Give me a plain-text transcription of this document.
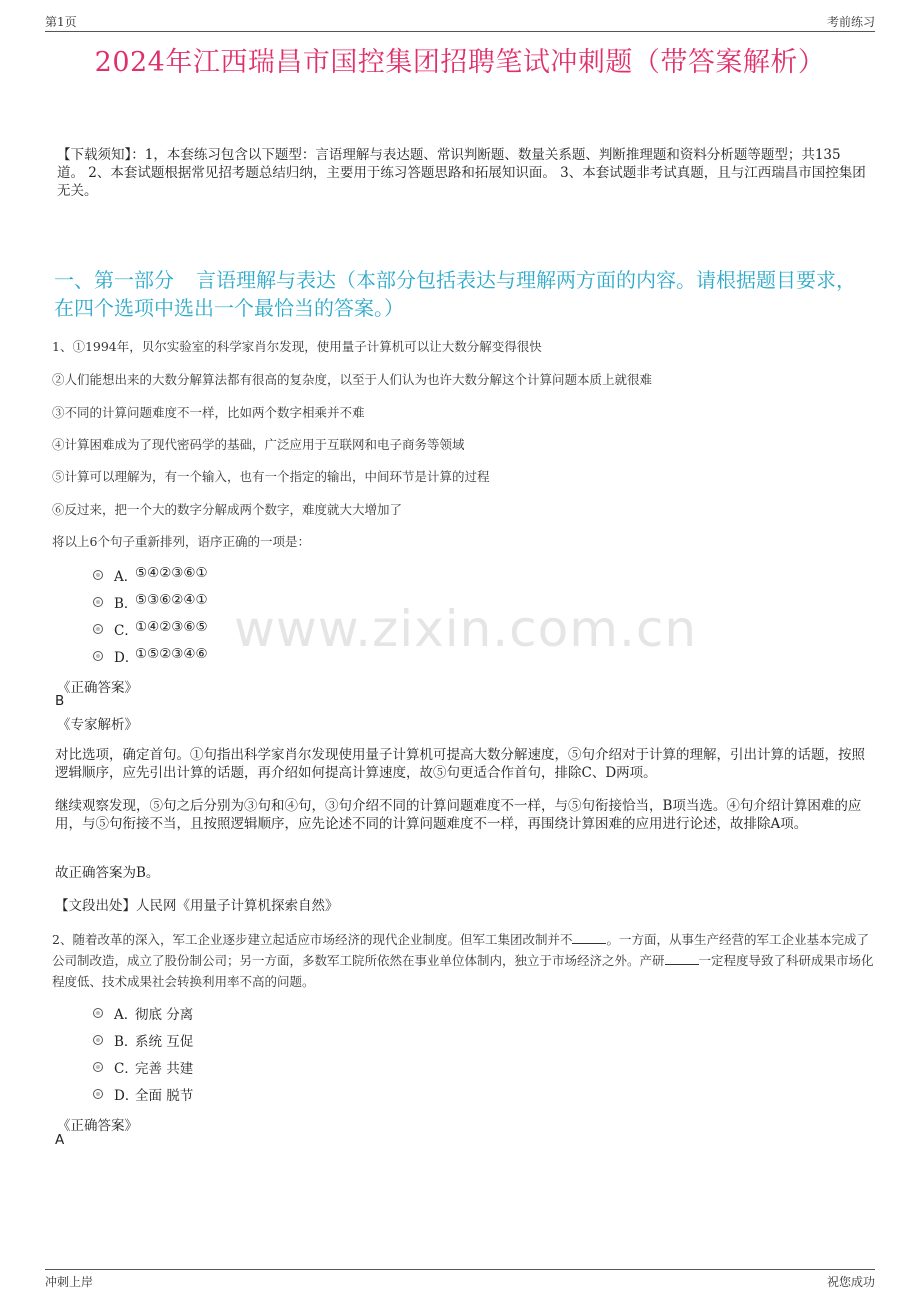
第1页	考前练习
2024年江西瑞昌市国控集团招聘笔试冲刺题（带答案解析）
【下载须知】：1，本套练习包含以下题型：言语理解与表达题、常识判断题、数量关系题、判断推理题和资料分析题等题型；共135道。 2、本套试题根据常见招考题总结归纳，主要用于练习答题思路和拓展知识面。 3、本套试题非考试真题，且与江西瑞昌市国控集团无关。
一、第一部分 言语理解与表达（本部分包括表达与理解两方面的内容。请根据题目要求，在四个选项中选出一个最恰当的答案。）
1、①1994年，贝尔实验室的科学家肖尔发现，使用量子计算机可以让大数分解变得很快
②人们能想出来的大数分解算法都有很高的复杂度，以至于人们认为也许大数分解这个计算问题本质上就很难
③不同的计算问题难度不一样，比如两个数字相乘并不难
④计算困难成为了现代密码学的基础，广泛应用于互联网和电子商务等领域
⑤计算可以理解为，有一个输入，也有一个指定的输出，中间环节是计算的过程
⑥反过来，把一个大的数字分解成两个数字，难度就大大增加了
将以上6个句子重新排列，语序正确的一项是：
A．
⑤④②③⑥①
B．
⑤③⑥②④①
C．
①④②③⑥⑤
D．
①⑤②③④⑥
《正确答案》
B
《专家解析》
对比选项，确定首句。①句指出科学家肖尔发现使用量子计算机可提高大数分解速度，⑤句介绍对于计算的理解，引出计算的话题，按照逻辑顺序，应先引出计算的话题，再介绍如何提高计算速度，故⑤句更适合作首句，排除C、D两项。
继续观察发现，⑤句之后分别为③句和④句，③句介绍不同的计算问题难度不一样，与⑤句衔接恰当，B项当选。④句介绍计算困难的应用，与⑤句衔接不当，且按照逻辑顺序，应先论述不同的计算问题难度不一样，再围绕计算困难的应用进行论述，故排除A项。
故正确答案为B。
【文段出处】人民网《用量子计算机探索自然》
www.zixin.com.cn
2、随着改革的深入，军工企业逐步建立起适应市场经济的现代企业制度。但军工集团改制并不	。一方面，从事生产经营的军工企业基本完成了公司制改造，成立了股份制公司；另一方面，多数军工院所依然在事业单位体制内，独立于市场经济之外。产研	一定程度导致了科研成果市场化程度低、技术成果社会转换利用率不高的问题。
A．
彻底 分离
B．
系统 互促
C．
完善 共建
D．
全面 脱节
《正确答案》
A
冲刺上岸	祝您成功
